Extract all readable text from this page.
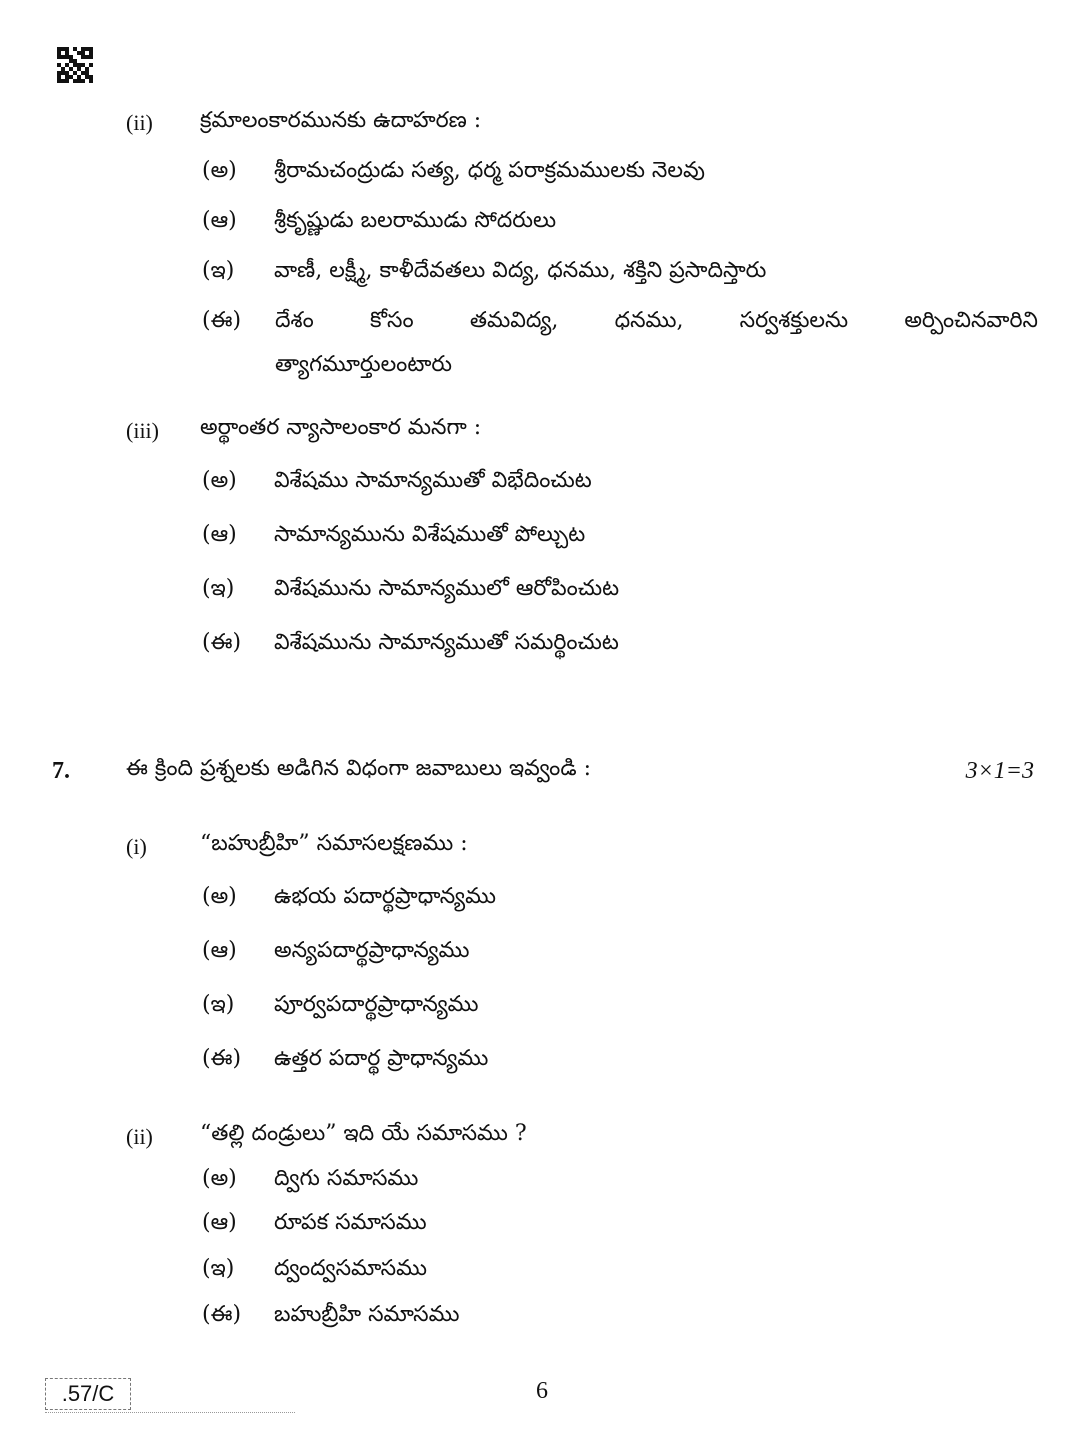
(ii) క్రమాలంకారమునకు ఉదాహరణ :
(అ) శ్రీరామచంద్రుడు సత్య, ధర్మ పరాక్రమములకు నెలవు
(ఆ) శ్రీకృష్ణుడు బలరాముడు సోదరులు
(ఇ) వాణీ, లక్ష్మీ, కాళీదేవతలు విద్య, ధనము, శక్తిని ప్రసాదిస్తారు
(ఈ)	దేశం	కోసం	తమవిద్య,	ధనము,	సర్వశక్తులను	అర్పించినవారిని
త్యాగమూర్తులంటారు
(iii) అర్థాంతర న్యాసాలంకార మనగా :
(అ) విశేషము సామాన్యముతో విభేదించుట
(ఆ) సామాన్యమును విశేషముతో పోల్చుట
(ఇ) విశేషమును సామాన్యములో ఆరోపించుట
(ఈ) విశేషమును సామాన్యముతో సమర్థించుట
7.	ఈ క్రింది ప్రశ్నలకు అడిగిన విధంగా జవాబులు ఇవ్వండి :	3×1=3
(i) “బహుబ్రీహి” సమాసలక్షణము :
(అ) ఉభయ పదార్థప్రాధాన్యము
(ఆ) అన్యపదార్థప్రాధాన్యము
(ఇ) పూర్వపదార్థప్రాధాన్యము
(ఈ) ఉత్తర పదార్థ ప్రాధాన్యము
(ii) “తల్లి దండ్రులు” ఇది యే సమాసము ?
(అ) ద్విగు సమాసము
(ఆ) రూపక సమాసము
(ఇ) ద్వంద్వసమాసము
(ఈ) బహుబ్రీహి సమాసము
.57/C	6
